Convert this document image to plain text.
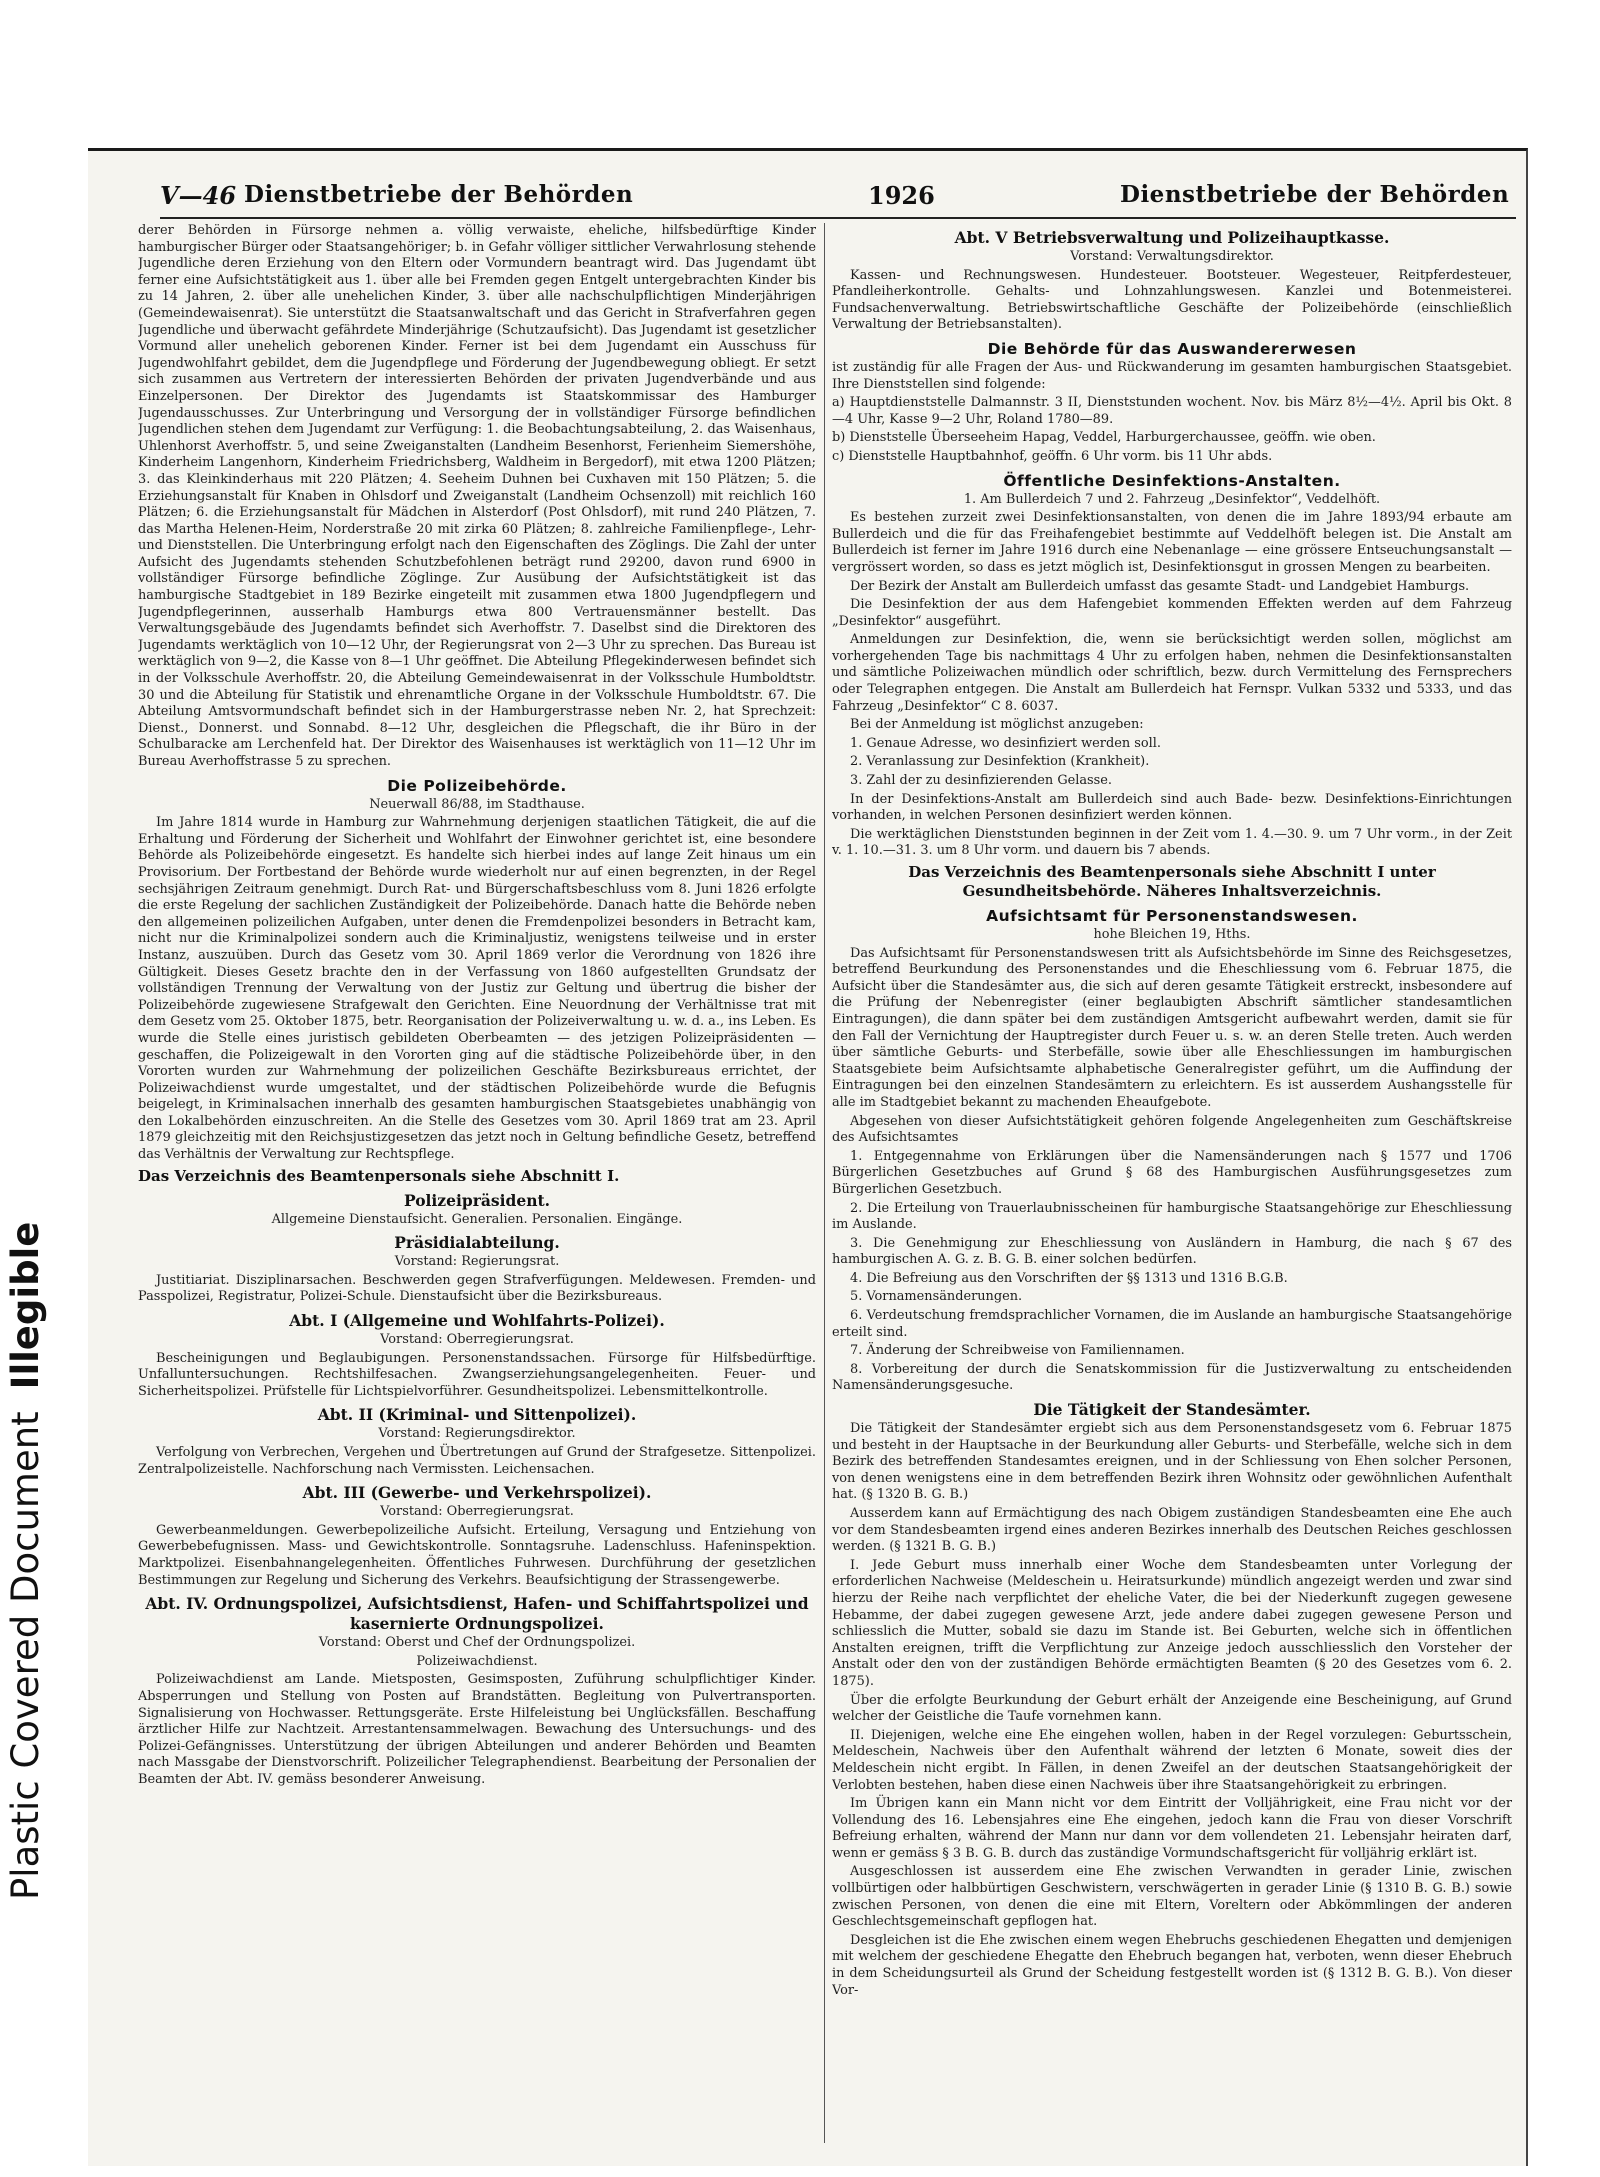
Plastic Covered DocumentIllegible
V—46 Dienstbetriebe der Behörden	1926	Dienstbetriebe der Behörden

derer Behörden in Fürsorge nehmen a. völlig verwaiste, eheliche, hilfsbedürftige Kinder hamburgischer Bürger oder Staatsangehöriger; b. in Gefahr völliger sittlicher Verwahrlosung stehende Jugendliche deren Erziehung von den Eltern oder Vormundern beantragt wird. Das Jugendamt übt ferner eine Aufsichtstätigkeit aus 1. über alle bei Fremden gegen Entgelt untergebrachten Kinder bis zu 14 Jahren, 2. über alle unehelichen Kinder, 3. über alle nachschulpflichtigen Minderjährigen (Gemeindewaisenrat). Sie unterstützt die Staatsanwaltschaft und das Gericht in Strafverfahren gegen Jugendliche und überwacht gefährdete Minderjährige (Schutzaufsicht). Das Jugendamt ist gesetzlicher Vormund aller unehelich geborenen Kinder. Ferner ist bei dem Jugendamt ein Ausschuss für Jugendwohlfahrt gebildet, dem die Jugendpflege und Förderung der Jugendbewegung obliegt. Er setzt sich zusammen aus Vertretern der interessierten Behörden der privaten Jugendverbände und aus Einzelpersonen. Der Direktor des Jugendamts ist Staatskommissar des Hamburger Jugendausschusses. Zur Unterbringung und Versorgung der in vollständiger Fürsorge befindlichen Jugendlichen stehen dem Jugendamt zur Verfügung: 1. die Beobachtungsabteilung, 2. das Waisenhaus, Uhlenhorst Averhoffstr. 5, und seine Zweiganstalten (Landheim Besenhorst, Ferienheim Siemershöhe, Kinderheim Langenhorn, Kinderheim Friedrichsberg, Waldheim in Bergedorf), mit etwa 1200 Plätzen; 3. das Kleinkinderhaus mit 220 Plätzen; 4. Seeheim Duhnen bei Cuxhaven mit 150 Plätzen; 5. die Erziehungsanstalt für Knaben in Ohlsdorf und Zweiganstalt (Landheim Ochsenzoll) mit reichlich 160 Plätzen; 6. die Erziehungsanstalt für Mädchen in Alsterdorf (Post Ohlsdorf), mit rund 240 Plätzen, 7. das Martha Helenen-Heim, Norderstraße 20 mit zirka 60 Plätzen; 8. zahlreiche Familienpflege-, Lehr- und Dienststellen. Die Unterbringung erfolgt nach den Eigenschaften des Zöglings. Die Zahl der unter Aufsicht des Jugendamts stehenden Schutzbefohlenen beträgt rund 29200, davon rund 6900 in vollständiger Fürsorge befindliche Zöglinge. Zur Ausübung der Aufsichtstätigkeit ist das hamburgische Stadtgebiet in 189 Bezirke eingeteilt mit zusammen etwa 1800 Jugendpflegern und Jugendpflegerinnen, ausserhalb Hamburgs etwa 800 Vertrauensmänner bestellt. Das Verwaltungsgebäude des Jugendamts befindet sich Averhoffstr. 7. Daselbst sind die Direktoren des Jugendamts werktäglich von 10—12 Uhr, der Regierungsrat von 2—3 Uhr zu sprechen. Das Bureau ist werktäglich von 9—2, die Kasse von 8—1 Uhr geöffnet. Die Abteilung Pflegekinderwesen befindet sich in der Volksschule Averhoffstr. 20, die Abteilung Gemeindewaisenrat in der Volksschule Humboldtstr. 30 und die Abteilung für Statistik und ehrenamtliche Organe in der Volksschule Humboldtstr. 67. Die Abteilung Amtsvormundschaft befindet sich in der Hamburgerstrasse neben Nr. 2, hat Sprechzeit: Dienst., Donnerst. und Sonnabd. 8—12 Uhr, desgleichen die Pflegschaft, die ihr Büro in der Schulbaracke am Lerchenfeld hat. Der Direktor des Waisenhauses ist werktäglich von 11—12 Uhr im Bureau Averhoffstrasse 5 zu sprechen.

Die Polizeibehörde.
Neuerwall 86/88, im Stadthause.

Im Jahre 1814 wurde in Hamburg zur Wahrnehmung derjenigen staatlichen Tätigkeit, die auf die Erhaltung und Förderung der Sicherheit und Wohlfahrt der Einwohner gerichtet ist, eine besondere Behörde als Polizeibehörde eingesetzt. Es handelte sich hierbei indes auf lange Zeit hinaus um ein Provisorium. Der Fortbestand der Behörde wurde wiederholt nur auf einen begrenzten, in der Regel sechsjährigen Zeitraum genehmigt. Durch Rat- und Bürgerschaftsbeschluss vom 8. Juni 1826 erfolgte die erste Regelung der sachlichen Zuständigkeit der Polizeibehörde. Danach hatte die Behörde neben den allgemeinen polizeilichen Aufgaben, unter denen die Fremdenpolizei besonders in Betracht kam, nicht nur die Kriminalpolizei sondern auch die Kriminaljustiz, wenigstens teilweise und in erster Instanz, auszuüben. Durch das Gesetz vom 30. April 1869 verlor die Verordnung von 1826 ihre Gültigkeit. Dieses Gesetz brachte den in der Verfassung von 1860 aufgestellten Grundsatz der vollständigen Trennung der Verwaltung von der Justiz zur Geltung und übertrug die bisher der Polizeibehörde zugewiesene Strafgewalt den Gerichten. Eine Neuordnung der Verhältnisse trat mit dem Gesetz vom 25. Oktober 1875, betr. Reorganisation der Polizeiverwaltung u. w. d. a., ins Leben. Es wurde die Stelle eines juristisch gebildeten Oberbeamten — des jetzigen Polizeipräsidenten — geschaffen, die Polizeigewalt in den Vororten ging auf die städtische Polizeibehörde über, in den Vororten wurden zur Wahrnehmung der polizeilichen Geschäfte Bezirksbureaus errichtet, der Polizeiwachdienst wurde umgestaltet, und der städtischen Polizeibehörde wurde die Befugnis beigelegt, in Kriminalsachen innerhalb des gesamten hamburgischen Staatsgebietes unabhängig von den Lokalbehörden einzuschreiten. An die Stelle des Gesetzes vom 30. April 1869 trat am 23. April 1879 gleichzeitig mit den Reichsjustizgesetzen das jetzt noch in Geltung befindliche Gesetz, betreffend das Verhältnis der Verwaltung zur Rechtspflege.

Das Verzeichnis des Beamtenpersonals siehe Abschnitt I.
Polizeipräsident.
Allgemeine Dienstaufsicht. Generalien. Personalien. Eingänge.
Präsidialabteilung.
Vorstand: Regierungsrat.

Justitiariat. Disziplinarsachen. Beschwerden gegen Strafverfügungen. Meldewesen. Fremden- und Passpolizei, Registratur, Polizei-Schule. Dienstaufsicht über die Bezirksbureaus.

Abt. I (Allgemeine und Wohlfahrts-Polizei).
Vorstand: Oberregierungsrat.

Bescheinigungen und Beglaubigungen. Personenstandssachen. Fürsorge für Hilfsbedürftige. Unfalluntersuchungen. Rechtshilfesachen. Zwangserziehungsangelegenheiten. Feuer- und Sicherheitspolizei. Prüfstelle für Lichtspielvorführer. Gesundheitspolizei. Lebensmittelkontrolle.

Abt. II (Kriminal- und Sittenpolizei).
Vorstand: Regierungsdirektor.

Verfolgung von Verbrechen, Vergehen und Übertretungen auf Grund der Strafgesetze. Sittenpolizei. Zentralpolizeistelle. Nachforschung nach Vermissten. Leichensachen.

Abt. III (Gewerbe- und Verkehrspolizei).
Vorstand: Oberregierungsrat.

Gewerbeanmeldungen. Gewerbepolizeiliche Aufsicht. Erteilung, Versagung und Entziehung von Gewerbebefugnissen. Mass- und Gewichtskontrolle. Sonntagsruhe. Ladenschluss. Hafeninspektion. Marktpolizei. Eisenbahnangelegenheiten. Öffentliches Fuhrwesen. Durchführung der gesetzlichen Bestimmungen zur Regelung und Sicherung des Verkehrs. Beaufsichtigung der Strassengewerbe.

Abt. IV. Ordnungspolizei, Aufsichtsdienst, Hafen- und Schiffahrtspolizei und kasernierte Ordnungspolizei.
Vorstand: Oberst und Chef der Ordnungspolizei.
Polizeiwachdienst.

Polizeiwachdienst am Lande. Mietsposten, Gesimsposten, Zuführung schulpflichtiger Kinder. Absperrungen und Stellung von Posten auf Brandstätten. Begleitung von Pulvertransporten. Signalisierung von Hochwasser. Rettungsgeräte. Erste Hilfeleistung bei Unglücksfällen. Beschaffung ärztlicher Hilfe zur Nachtzeit. Arrestantensammelwagen. Bewachung des Untersuchungs- und des Polizei-Gefängnisses. Unterstützung der übrigen Abteilungen und anderer Behörden und Beamten nach Massgabe der Dienstvorschrift. Polizeilicher Telegraphendienst. Bearbeitung der Personalien der Beamten der Abt. IV. gemäss besonderer Anweisung.

Abt. V Betriebsverwaltung und Polizeihauptkasse.
Vorstand: Verwaltungsdirektor.

Kassen- und Rechnungswesen. Hundesteuer. Bootsteuer. Wegesteuer, Reitpferdesteuer, Pfandleiherkontrolle. Gehalts- und Lohnzahlungswesen. Kanzlei und Botenmeisterei. Fundsachenverwaltung. Betriebswirtschaftliche Geschäfte der Polizeibehörde (einschließlich Verwaltung der Betriebsanstalten).

Die Behörde für das Auswandererwesen

ist zuständig für alle Fragen der Aus- und Rückwanderung im gesamten hamburgischen Staatsgebiet. Ihre Dienststellen sind folgende:

a) Hauptdienststelle Dalmannstr. 3 II, Dienststunden wochent. Nov. bis März 8½—4½. April bis Okt. 8—4 Uhr, Kasse 9—2 Uhr, Roland 1780—89.

b) Dienststelle Überseeheim Hapag, Veddel, Harburgerchaussee, geöffn. wie oben.

c) Dienststelle Hauptbahnhof, geöffn. 6 Uhr vorm. bis 11 Uhr abds.

Öffentliche Desinfektions-Anstalten.
1. Am Bullerdeich 7 und 2. Fahrzeug „Desinfektor“, Veddelhöft.

Es bestehen zurzeit zwei Desinfektionsanstalten, von denen die im Jahre 1893/94 erbaute am Bullerdeich und die für das Freihafengebiet bestimmte auf Veddelhöft belegen ist. Die Anstalt am Bullerdeich ist ferner im Jahre 1916 durch eine Nebenanlage — eine grössere Entseuchungsanstalt — vergrössert worden, so dass es jetzt möglich ist, Desinfektionsgut in grossen Mengen zu bearbeiten.

Der Bezirk der Anstalt am Bullerdeich umfasst das gesamte Stadt- und Landgebiet Hamburgs.

Die Desinfektion der aus dem Hafengebiet kommenden Effekten werden auf dem Fahrzeug „Desinfektor“ ausgeführt.

Anmeldungen zur Desinfektion, die, wenn sie berücksichtigt werden sollen, möglichst am vorhergehenden Tage bis nachmittags 4 Uhr zu erfolgen haben, nehmen die Desinfektionsanstalten und sämtliche Polizeiwachen mündlich oder schriftlich, bezw. durch Vermittelung des Fernsprechers oder Telegraphen entgegen. Die Anstalt am Bullerdeich hat Fernspr. Vulkan 5332 und 5333, und das Fahrzeug „Desinfektor“ C 8. 6037.

Bei der Anmeldung ist möglichst anzugeben:

1. Genaue Adresse, wo desinfiziert werden soll.

2. Veranlassung zur Desinfektion (Krankheit).

3. Zahl der zu desinfizierenden Gelasse.

In der Desinfektions-Anstalt am Bullerdeich sind auch Bade- bezw. Desinfektions-Einrichtungen vorhanden, in welchen Personen desinfiziert werden können.

Die werktäglichen Dienststunden beginnen in der Zeit vom 1. 4.—30. 9. um 7 Uhr vorm., in der Zeit v. 1. 10.—31. 3. um 8 Uhr vorm. und dauern bis 7 abends.

Das Verzeichnis des Beamtenpersonals siehe Abschnitt I unter Gesundheitsbehörde. Näheres Inhaltsverzeichnis.
Aufsichtsamt für Personenstandswesen.
hohe Bleichen 19, Hths.

Das Aufsichtsamt für Personenstandswesen tritt als Aufsichtsbehörde im Sinne des Reichsgesetzes, betreffend Beurkundung des Personenstandes und die Eheschliessung vom 6. Februar 1875, die Aufsicht über die Standesämter aus, die sich auf deren gesamte Tätigkeit erstreckt, insbesondere auf die Prüfung der Nebenregister (einer beglaubigten Abschrift sämtlicher standesamtlichen Eintragungen), die dann später bei dem zuständigen Amtsgericht aufbewahrt werden, damit sie für den Fall der Vernichtung der Hauptregister durch Feuer u. s. w. an deren Stelle treten. Auch werden über sämtliche Geburts- und Sterbefälle, sowie über alle Eheschliessungen im hamburgischen Staatsgebiete beim Aufsichtsamte alphabetische Generalregister geführt, um die Auffindung der Eintragungen bei den einzelnen Standesämtern zu erleichtern. Es ist ausserdem Aushangsstelle für alle im Stadtgebiet bekannt zu machenden Eheaufgebote.

Abgesehen von dieser Aufsichtstätigkeit gehören folgende Angelegenheiten zum Geschäftskreise des Aufsichtsamtes

1. Entgegennahme von Erklärungen über die Namensänderungen nach § 1577 und 1706 Bürgerlichen Gesetzbuches auf Grund § 68 des Hamburgischen Ausführungsgesetzes zum Bürgerlichen Gesetzbuch.

2. Die Erteilung von Trauerlaubnisscheinen für hamburgische Staatsangehörige zur Eheschliessung im Auslande.

3. Die Genehmigung zur Eheschliessung von Ausländern in Hamburg, die nach § 67 des hamburgischen A. G. z. B. G. B. einer solchen bedürfen.

4. Die Befreiung aus den Vorschriften der §§ 1313 und 1316 B.G.B.

5. Vornamensänderungen.

6. Verdeutschung fremdsprachlicher Vornamen, die im Auslande an hamburgische Staatsangehörige erteilt sind.

7. Änderung der Schreibweise von Familiennamen.

8. Vorbereitung der durch die Senatskommission für die Justizverwaltung zu entscheidenden Namensänderungsgesuche.

Die Tätigkeit der Standesämter.

Die Tätigkeit der Standesämter ergiebt sich aus dem Personenstandsgesetz vom 6. Februar 1875 und besteht in der Hauptsache in der Beurkundung aller Geburts- und Sterbefälle, welche sich in dem Bezirk des betreffenden Standesamtes ereignen, und in der Schliessung von Ehen solcher Personen, von denen wenigstens eine in dem betreffenden Bezirk ihren Wohnsitz oder gewöhnlichen Aufenthalt hat. (§ 1320 B. G. B.)

Ausserdem kann auf Ermächtigung des nach Obigem zuständigen Standesbeamten eine Ehe auch vor dem Standesbeamten irgend eines anderen Bezirkes innerhalb des Deutschen Reiches geschlossen werden. (§ 1321 B. G. B.)

I. Jede Geburt muss innerhalb einer Woche dem Standesbeamten unter Vorlegung der erforderlichen Nachweise (Meldeschein u. Heiratsurkunde) mündlich angezeigt werden und zwar sind hierzu der Reihe nach verpflichtet der eheliche Vater, die bei der Niederkunft zugegen gewesene Hebamme, der dabei zugegen gewesene Arzt, jede andere dabei zugegen gewesene Person und schliesslich die Mutter, sobald sie dazu im Stande ist. Bei Geburten, welche sich in öffentlichen Anstalten ereignen, trifft die Verpflichtung zur Anzeige jedoch ausschliesslich den Vorsteher der Anstalt oder den von der zuständigen Behörde ermächtigten Beamten (§ 20 des Gesetzes vom 6. 2. 1875).

Über die erfolgte Beurkundung der Geburt erhält der Anzeigende eine Bescheinigung, auf Grund welcher der Geistliche die Taufe vornehmen kann.

II. Diejenigen, welche eine Ehe eingehen wollen, haben in der Regel vorzulegen: Geburtsschein, Meldeschein, Nachweis über den Aufenthalt während der letzten 6 Monate, soweit dies der Meldeschein nicht ergibt. In Fällen, in denen Zweifel an der deutschen Staatsangehörigkeit der Verlobten bestehen, haben diese einen Nachweis über ihre Staatsangehörigkeit zu erbringen.

Im Übrigen kann ein Mann nicht vor dem Eintritt der Volljährigkeit, eine Frau nicht vor der Vollendung des 16. Lebensjahres eine Ehe eingehen, jedoch kann die Frau von dieser Vorschrift Befreiung erhalten, während der Mann nur dann vor dem vollendeten 21. Lebensjahr heiraten darf, wenn er gemäss § 3 B. G. B. durch das zuständige Vormundschaftsgericht für volljährig erklärt ist.

Ausgeschlossen ist ausserdem eine Ehe zwischen Verwandten in gerader Linie, zwischen vollbürtigen oder halbbürtigen Geschwistern, verschwägerten in gerader Linie (§ 1310 B. G. B.) sowie zwischen Personen, von denen die eine mit Eltern, Voreltern oder Abkömmlingen der anderen Geschlechtsgemeinschaft gepflogen hat.

Desgleichen ist die Ehe zwischen einem wegen Ehebruchs geschiedenen Ehegatten und demjenigen mit welchem der geschiedene Ehegatte den Ehebruch begangen hat, verboten, wenn dieser Ehebruch in dem Scheidungsurteil als Grund der Scheidung festgestellt worden ist (§ 1312 B. G. B.). Von dieser Vor-
